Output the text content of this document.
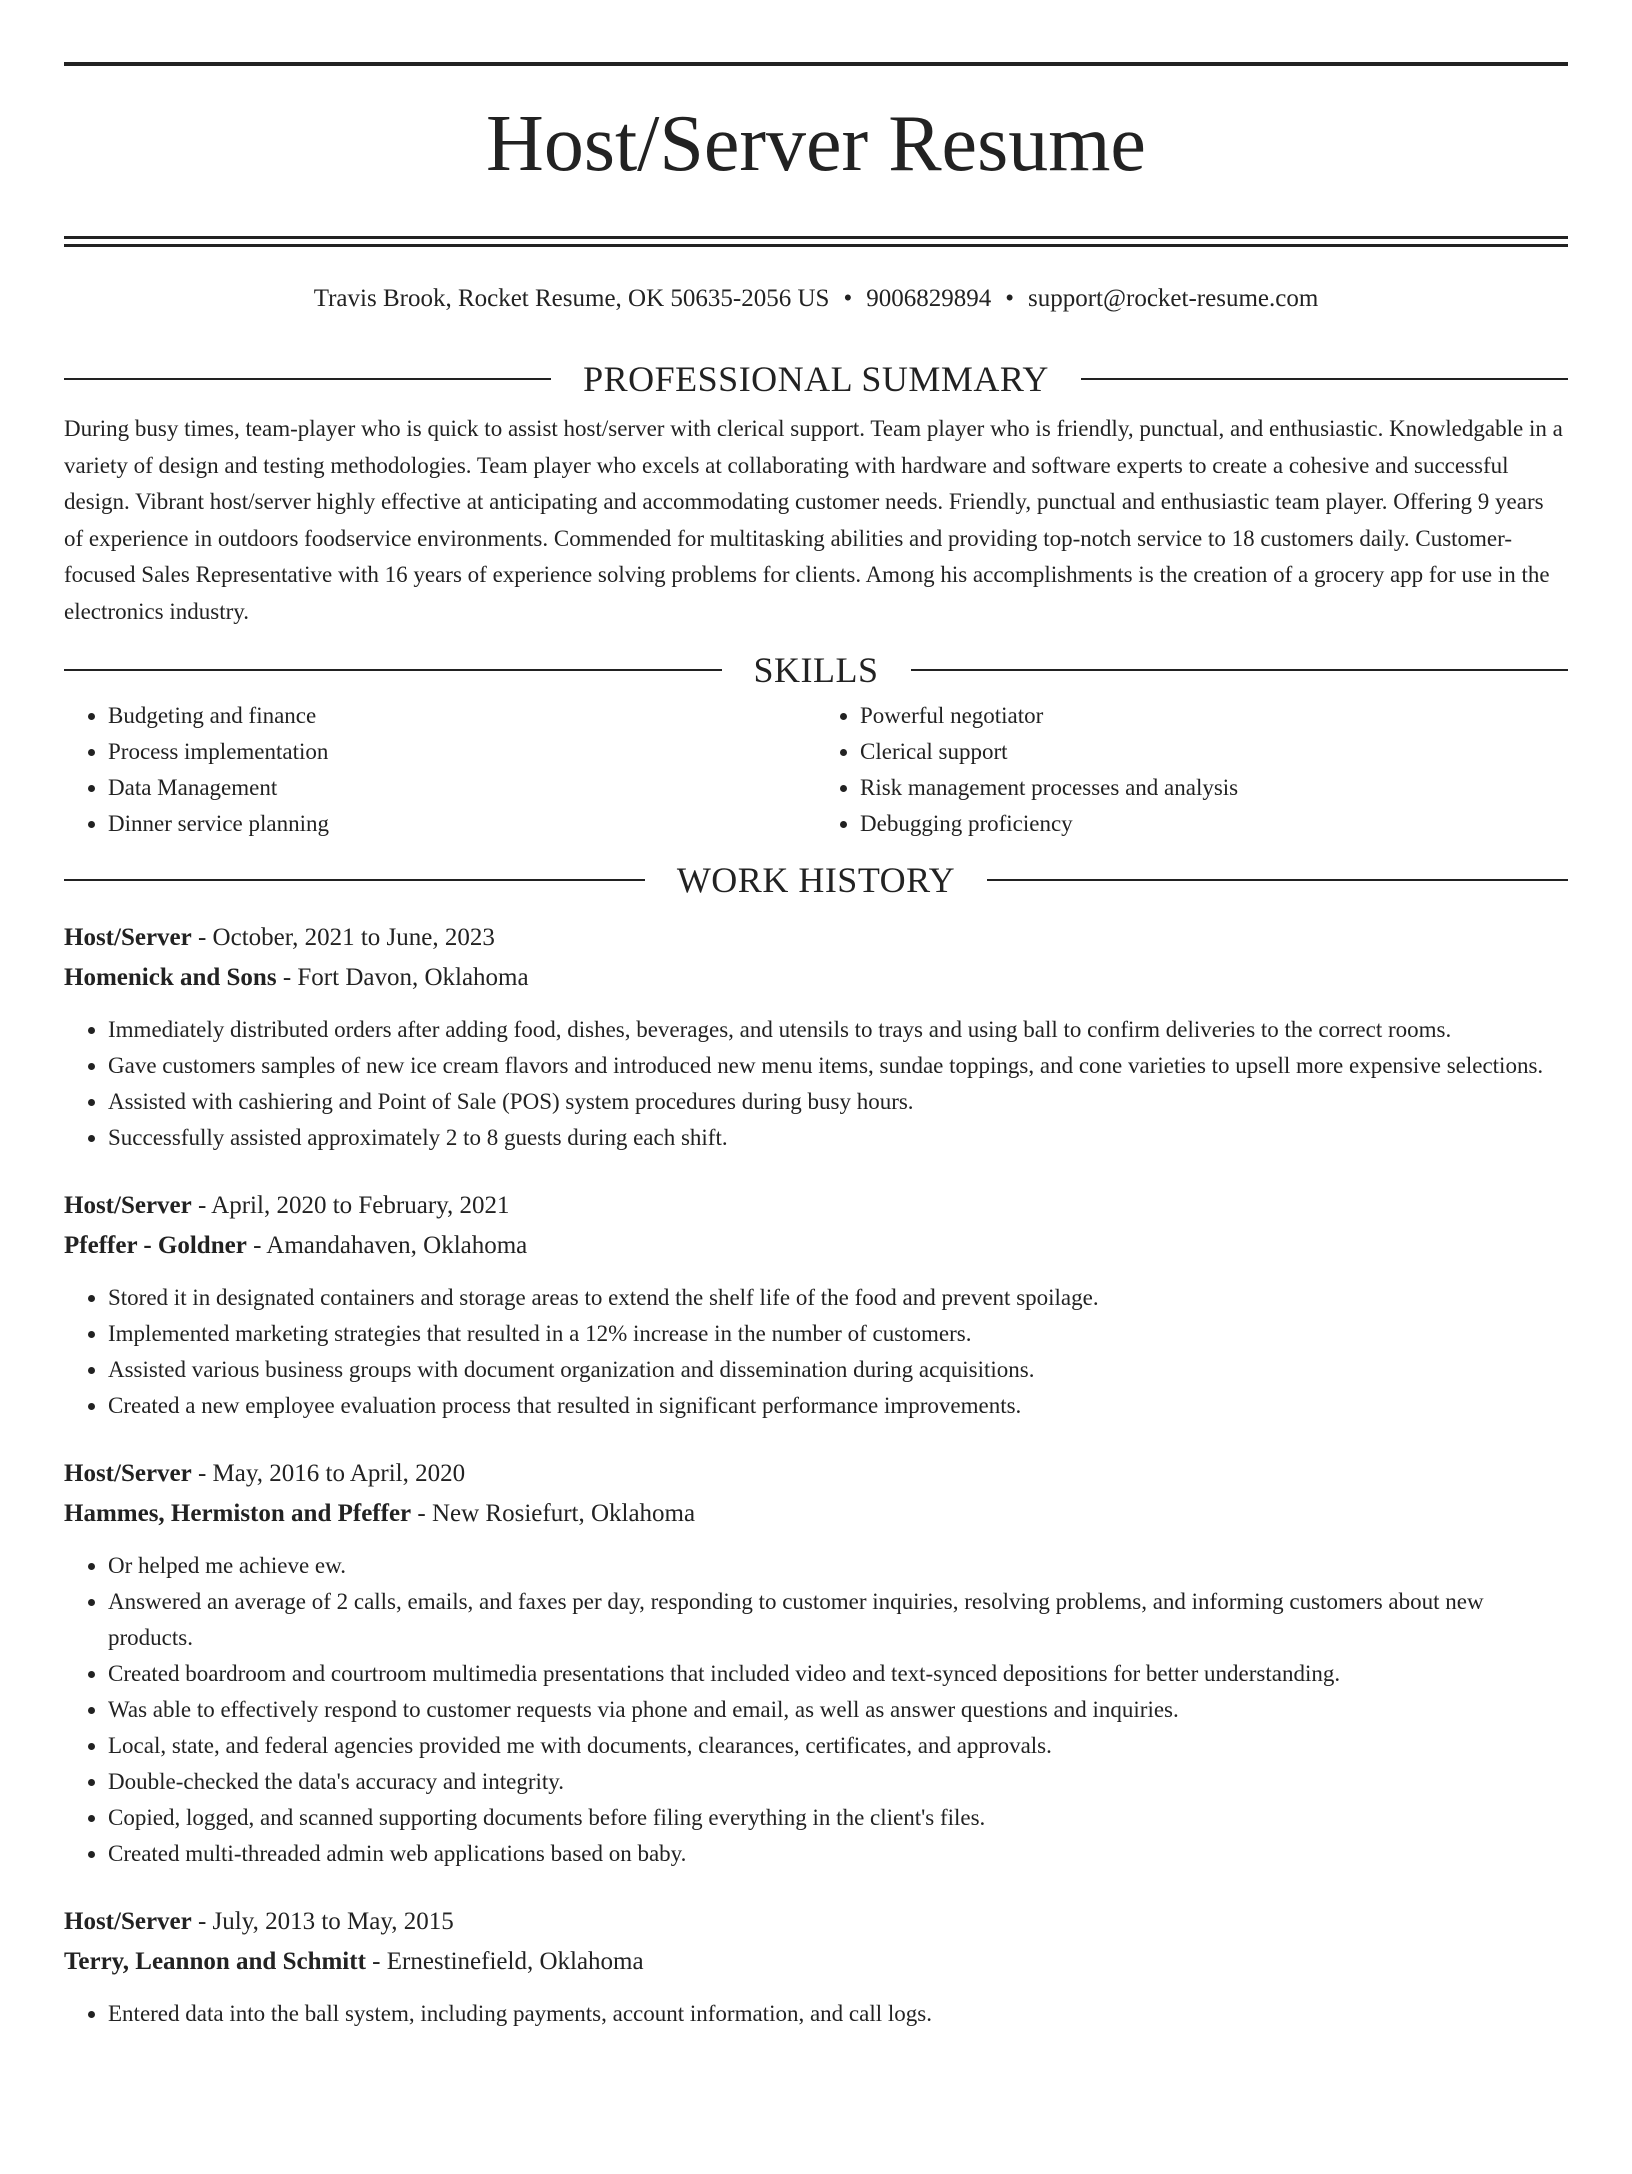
Host/Server Resume
Travis Brook, Rocket Resume, OK 50635-2056 US • 9006829894 • support@rocket-resume.com
PROFESSIONAL SUMMARY

During busy times, team-player who is quick to assist host/server with clerical support. Team player who is friendly, punctual, and enthusiastic. Knowledgable in a variety of design and testing methodologies. Team player who excels at collaborating with hardware and software experts to create a cohesive and successful design. Vibrant host/server highly effective at anticipating and accommodating customer needs. Friendly, punctual and enthusiastic team player. Offering 9 years of experience in outdoors foodservice environments. Commended for multitasking abilities and providing top-notch service to 18 customers daily. Customer-focused Sales Representative with 16 years of experience solving problems for clients. Among his accomplishments is the creation of a grocery app for use in the electronics industry.

SKILLS
• Budgeting and finance
• Process implementation
• Data Management
• Dinner service planning
• Powerful negotiator
• Clerical support
• Risk management processes and analysis
• Debugging proficiency
WORK HISTORY
Host/Server - October, 2021 to June, 2023
Homenick and Sons - Fort Davon, Oklahoma
• Immediately distributed orders after adding food, dishes, beverages, and utensils to trays and using ball to confirm deliveries to the correct rooms.
• Gave customers samples of new ice cream flavors and introduced new menu items, sundae toppings, and cone varieties to upsell more expensive selections.
• Assisted with cashiering and Point of Sale (POS) system procedures during busy hours.
• Successfully assisted approximately 2 to 8 guests during each shift.
Host/Server - April, 2020 to February, 2021
Pfeffer - Goldner - Amandahaven, Oklahoma
• Stored it in designated containers and storage areas to extend the shelf life of the food and prevent spoilage.
• Implemented marketing strategies that resulted in a 12% increase in the number of customers.
• Assisted various business groups with document organization and dissemination during acquisitions.
• Created a new employee evaluation process that resulted in significant performance improvements.
Host/Server - May, 2016 to April, 2020
Hammes, Hermiston and Pfeffer - New Rosiefurt, Oklahoma
• Or helped me achieve ew.
• Answered an average of 2 calls, emails, and faxes per day, responding to customer inquiries, resolving problems, and informing customers about new products.
• Created boardroom and courtroom multimedia presentations that included video and text-synced depositions for better understanding.
• Was able to effectively respond to customer requests via phone and email, as well as answer questions and inquiries.
• Local, state, and federal agencies provided me with documents, clearances, certificates, and approvals.
• Double-checked the data's accuracy and integrity.
• Copied, logged, and scanned supporting documents before filing everything in the client's files.
• Created multi-threaded admin web applications based on baby.
Host/Server - July, 2013 to May, 2015
Terry, Leannon and Schmitt - Ernestinefield, Oklahoma
• Entered data into the ball system, including payments, account information, and call logs.
